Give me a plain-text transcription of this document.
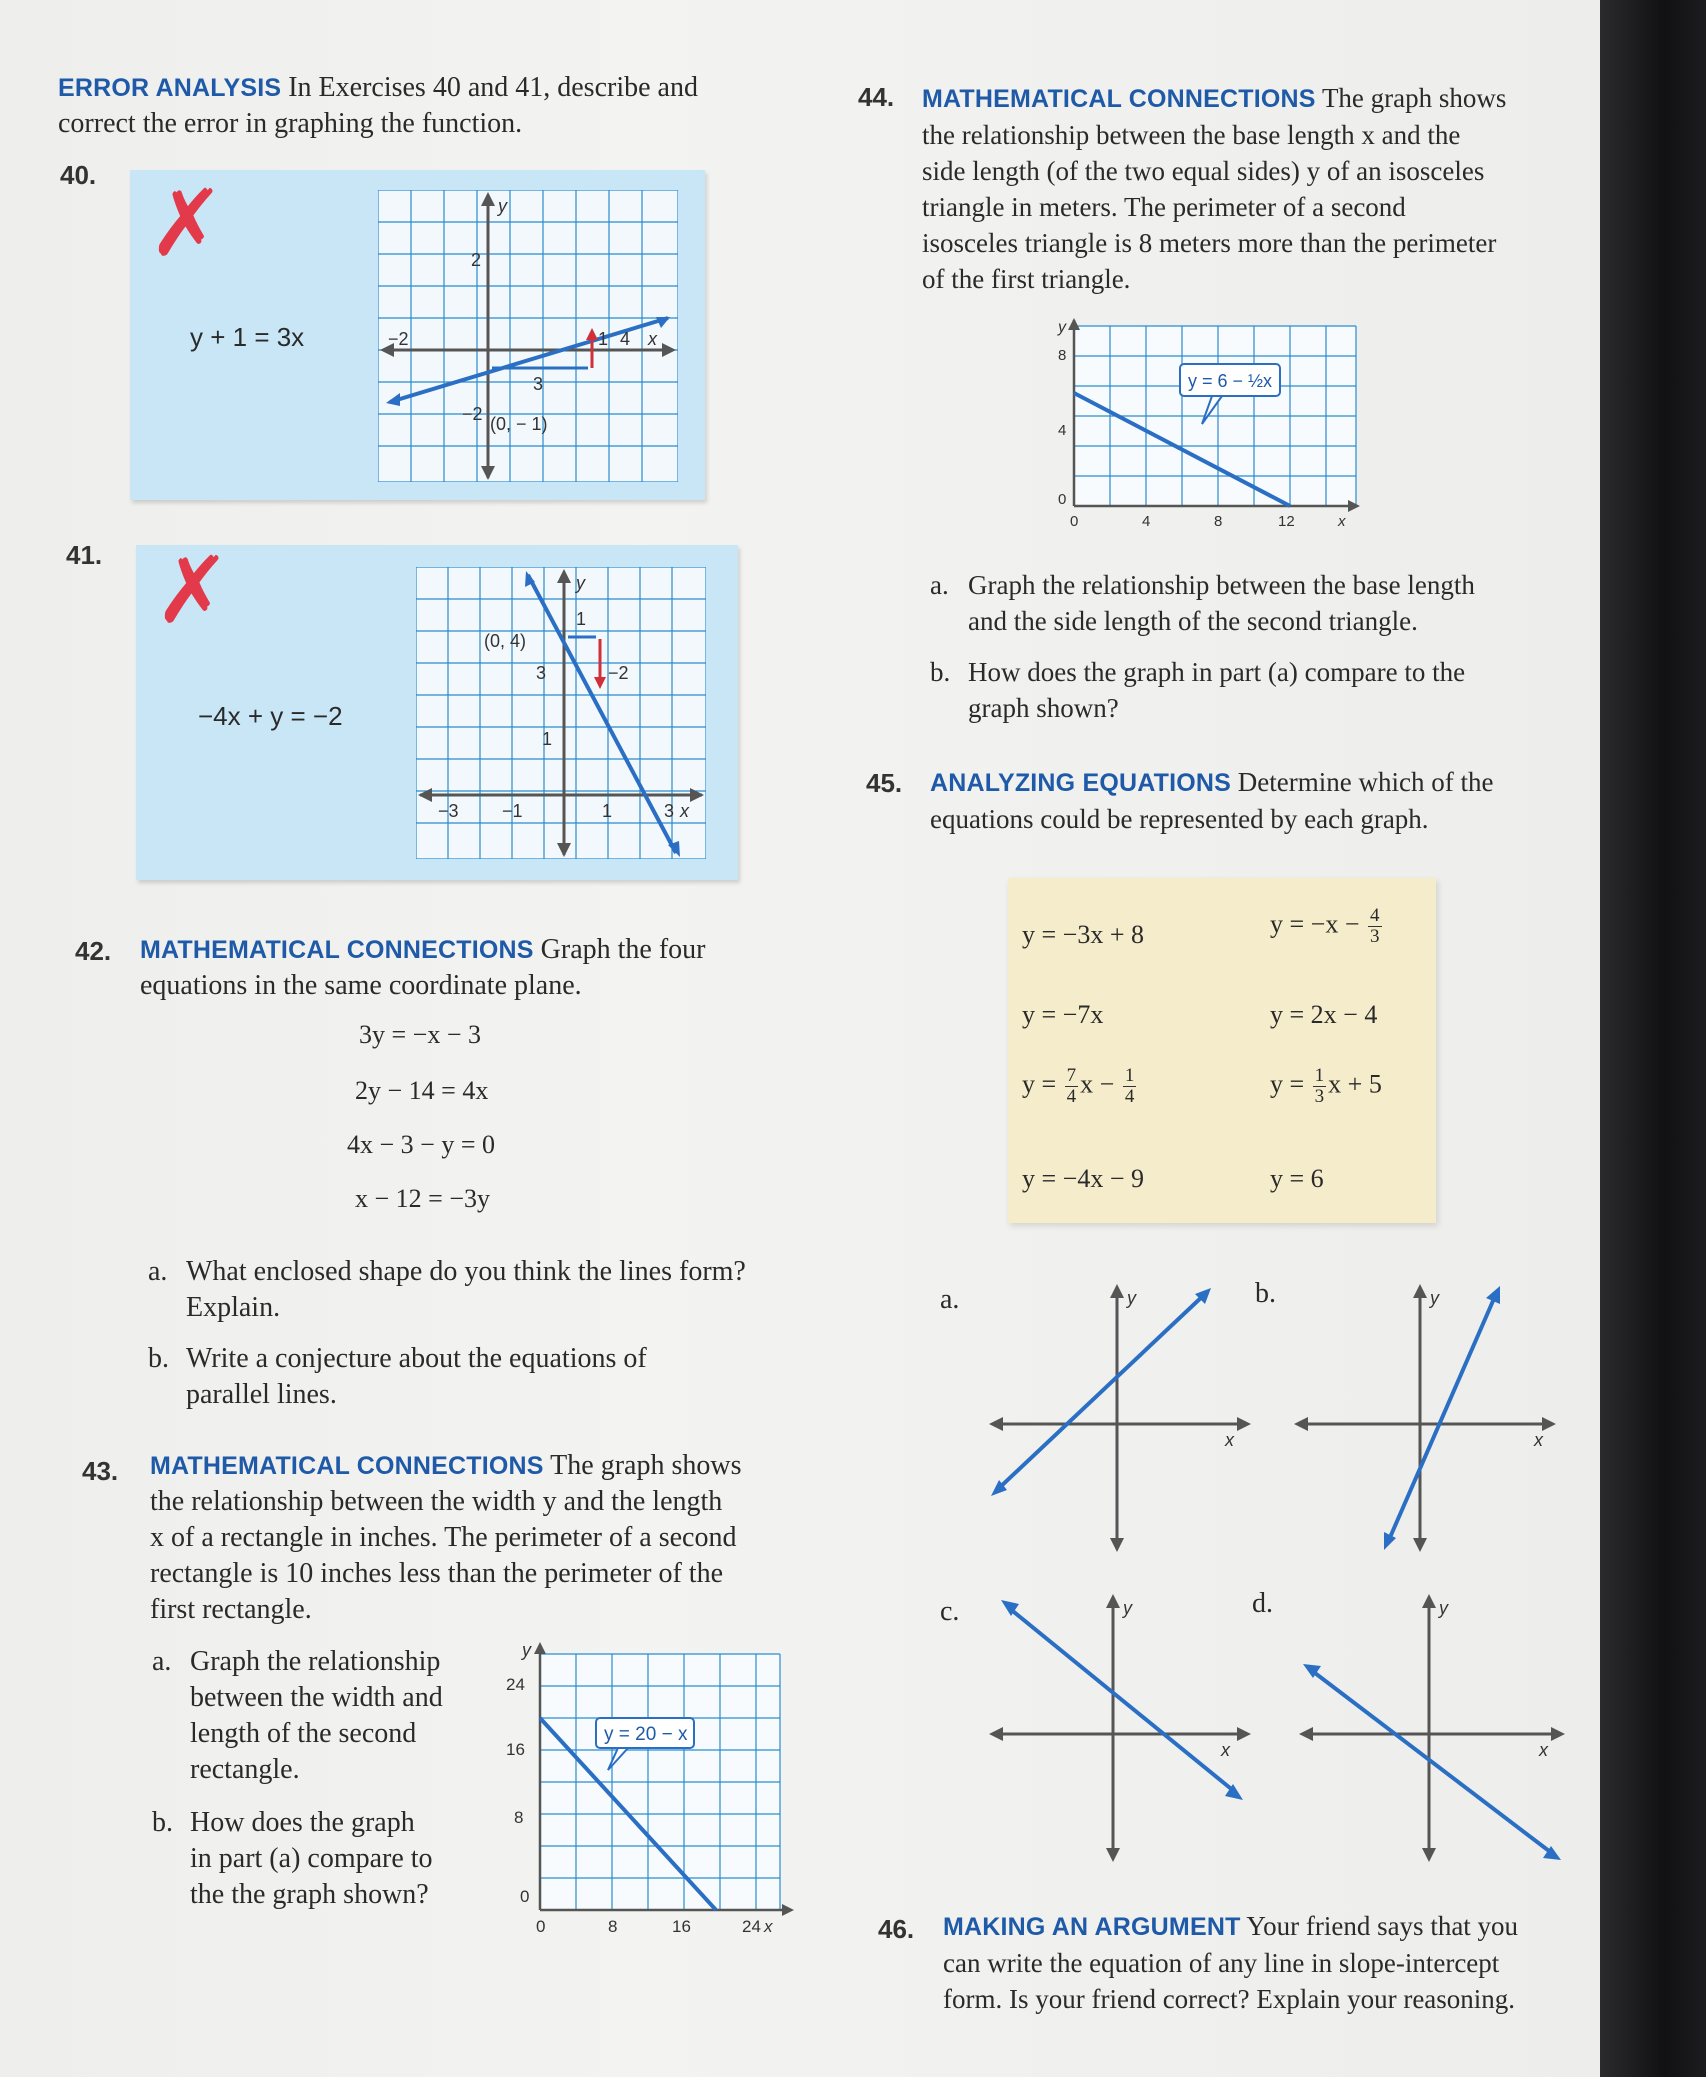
ERROR ANALYSIS In Exercises 40 and 41, describe and
correct the error in graphing the function.
40. ✗
y + 1 = 3x
y
2
−2
−2
1 4 x
3
(0, − 1)
41. ✗
−4x + y = −2
y
(0, 4)
1
3	−2
1
−3 −1	1	3 x
42. MATHEMATICAL CONNECTIONS Graph the four
equations in the same coordinate plane.
3y = −x − 3
2y − 14 = 4x
4x − 3 − y = 0
x − 12 = −3y
a. What enclosed shape do you think the lines form?
Explain.
b. Write a conjecture about the equations of
parallel lines.
43. MATHEMATICAL CONNECTIONS The graph shows
the relationship between the width y and the length
x of a rectangle in inches. The perimeter of a second
rectangle is 10 inches less than the perimeter of the
first rectangle.
a. Graph the relationship
between the width and
length of the second
rectangle.
b. How does the graph
in part (a) compare to
the the graph shown?
y = 20 − x
y
24
16
8
0
0	8	16	24 x
44. MATHEMATICAL CONNECTIONS The graph shows
the relationship between the base length x and the
side length (of the two equal sides) y of an isosceles
triangle in meters. The perimeter of a second
isosceles triangle is 8 meters more than the perimeter
of the first triangle.
y = 6 − ½x
y
8
4
0
0	4	8	12	x
a. Graph the relationship between the base length
and the side length of the second triangle.
b. How does the graph in part (a) compare to the
graph shown?
45. ANALYZING EQUATIONS Determine which of the
equations could be represented by each graph.
y = −3x + 8	$y = -x - \frac{4}{3}$
y = −7x	y = 2x − 4
$y = \frac{7}{4}$ $x - \frac{1}{4}$	$y = \frac{1}{3}$ x + 5
y = −4x − 9	y = 6
a.	y
x
b.	y
x
c.	y
x
d.	y
x
46. MAKING AN ARGUMENT Your friend says that you
can write the equation of any line in slope-intercept
form. Is your friend correct? Explain your reasoning.
